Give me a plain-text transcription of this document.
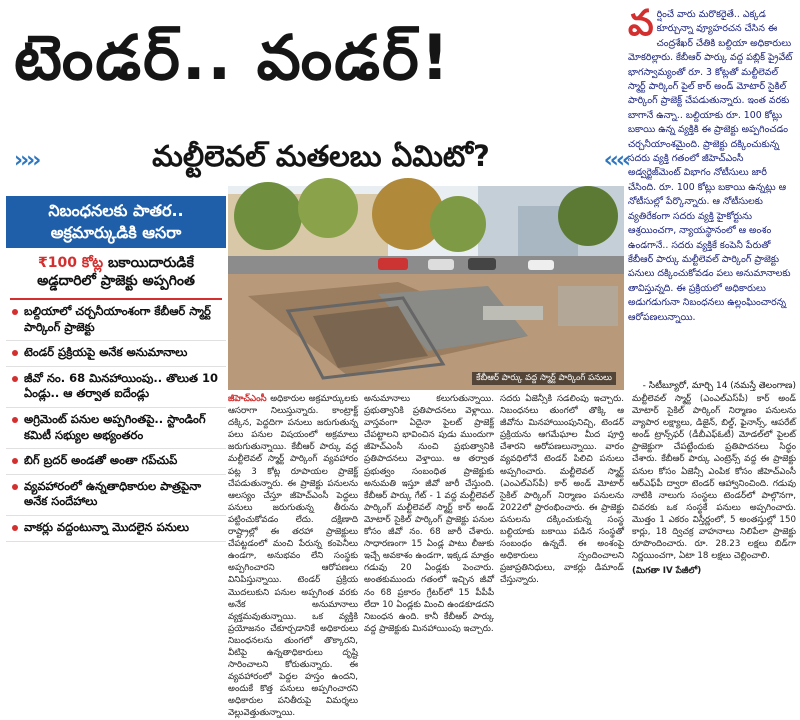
టెండర్.. వండర్!
››››	మల్టీలెవల్ మతలబు ఏమిటో?	‹‹‹‹
వ ర్షించే వారు మరొకరైతే.. ఎక్కడ కూర్చున్నా వ్యూహరచన చేసిన ఈ చంద్రశేఖర్ చేతికి బల్దియా అధికారులు మోకరిల్లారు. కేబీఆర్ పార్కు వద్ద పబ్లిక్ ప్రైవేట్ భాగస్వామ్యంతో రూ. 3 కోట్లతో మల్టీలెవల్ స్మార్ట్ పార్కింగ్ పైల్ కార్ అండ్ మోటార్ సైకిల్ పార్కింగ్ ప్రాజెక్ట్ చేపడుతున్నారు. ఇంత వరకు బాగానే ఉన్నా.. బల్దియాకు రూ. 100 కోట్లు బకాయి ఉన్న వ్యక్తికి ఈ ప్రాజెక్టు అప్పగించడం చర్చనీయాంశమైంది. ప్రాజెక్టు దక్కించుకున్న సదరు వ్యక్తి గతంలో జీహెచ్‌ఎంసీ అడ్వర్టైజ్‌మెంట్ విభాగం నోటీసులు జారీ చేసింది. రూ. 100 కోట్లు బకాయి ఉన్నట్లు ఆ నోటీసుల్లో పేర్కొన్నారు. ఆ నోటీసులకు వ్యతిరేకంగా సదరు వ్యక్తి హైకోర్టును ఆశ్రయించగా, న్యాయస్థానంలో ఆ అంశం ఉండగానే.. సదరు వ్యక్తికే కంపెనీ పేరుతో కేబీఆర్ పార్కు మల్టీలెవల్ పార్కింగ్ ప్రాజెక్టు పనులు దక్కించుకోవడం పలు అనుమానాలకు తావిస్తున్నది. ఈ ప్రక్రియలో అధికారులు అడుగడుగునా నిబంధనలు ఉల్లంఘించారన్న ఆరోపణలున్నాయి.
- సిటీబ్యూరో, మార్చి 14 (నమస్తే తెలంగాణ)
నిబంధనలకు పాతర.. అక్రమార్కుడికి ఆసరా
₹100 కోట్ల బకాయిదారుడికే అడ్డదారిలో ప్రాజెక్టు అప్పగింత
బల్దియాలో చర్చనీయాంశంగా కేబీఆర్ స్మార్ట్ పార్కింగ్ ప్రాజెక్టు
టెండర్ ప్రక్రియపై అనేక అనుమానాలు
జీవో నం. 68 మినహాయింపు.. తొలుత 10 ఏండ్లు.. ఆ తర్వాత ఐదేండ్లు
అగ్రిమెంట్ పనుల అప్పగింతపై.. స్టాండింగ్ కమిటీ సభ్యుల అభ్యంతరం
బిగ్ బ్రదర్ అండతో అంతా గప్‌చుప్
వ్యవహారంలో ఉన్నతాధికారుల పాత్రపైనా అనేక సందేహాలు
వాకర్లు వద్దంటున్నా మొదలైన పనులు
కేబీఆర్ పార్కు వద్ద స్మార్ట్ పార్కింగ్ పనులు

జీహెచ్‌ఎంసీ అధికారుల అక్రమార్కులకు ఆసరాగా నిలుస్తున్నారు. కాంట్రాక్ట్ దక్కిన, పెద్దదిగా పనులు జరుగుతున్న పలు పనుల విషయంలో అక్రమాలు జరుగుతున్నాయి. కేబీఆర్ పార్కు వద్ద మల్టీలెవల్ స్మార్ట్ పార్కింగ్ వ్యవహారం పట్ల 3 కోట్ల రూపాయల ప్రాజెక్ట్ చేపడుతున్నారు. ఈ ప్రాజెక్టు పనులను ఆలస్యం చేస్తూ జీహెచ్‌ఎంసీ పెద్దలు పనులు జరుగుతున్న తీరును పట్టించుకోవడం లేదు. దక్షిణాది రాష్ట్రాల్లో ఈ తరహా ప్రాజెక్టులు చేపట్టడంలో మంచి పేరున్న కంపెనీలు ఉండగా, అనుభవం లేని సంస్థకు అప్పగించారని ఆరోపణలు వినిపిస్తున్నాయి. టెండర్ ప్రక్రియ మొదలుకుని పనుల అప్పగింత వరకు అనేక అనుమానాలు వ్యక్తమవుతున్నాయి. ఒక వ్యక్తికి ప్రయోజనం చేకూర్చడానికే అధికారులు నిబంధనలను తుంగలో తొక్కారని, వీటిపై ఉన్నతాధికారులు దృష్టి సారించాలని కోరుతున్నారు. ఈ వ్యవహారంలో పెద్దల హస్తం ఉందని, అందుకే కొత్త పనులు అప్పగించారని అధికారుల పనితీరుపై విమర్శలు వెల్లువెత్తుతున్నాయి.

అనుమానాలు కలుగుతున్నాయి. ప్రభుత్వానికి ప్రతిపాదనలు వెళ్లాయి. వాస్తవంగా ఏదైనా పైలట్ ప్రాజెక్ట్ చేపట్టాలని భావించిన పుడు ముందుగా జీహెచ్‌ఎంసీ నుంచి ప్రభుత్వానికి ప్రతిపాదనలు వెళ్తాయి. ఆ తర్వాత ప్రభుత్వం సంబంధిత ప్రాజెక్టుకు అనుమతి ఇస్తూ జీవో జారీ చేస్తుంది. కేబీఆర్ పార్కు గేట్ - 1 వద్ద మల్టీలెవల్ పార్కింగ్ మల్టీలెవల్ స్మార్ట్ కార్ అండ్ మోటార్ సైకిల్ పార్కింగ్ ప్రాజెక్టు పనుల కోసం జీవో నం. 68 జారీ చేశారు. సాధారణంగా 15 ఏండ్ల పాటు లీజుకు ఇచ్చే అవకాశం ఉండగా, ఇక్కడ మాత్రం గడువు 20 ఏండ్లకు పెంచారు. అంతకుముందు గతంలో ఇచ్చిన జీవో నం 68 ప్రకారం గ్రేటర్‌లో 15 పీపీపీ లేదా 10 ఏండ్లకు మించి ఉండకూడదని నిబంధన ఉంది. కానీ కేబీఆర్ పార్కు వద్ద ప్రాజెక్టుకు మినహాయింపు ఇచ్చారు.

సదరు ఏజెన్సీకి సడలింపు ఇచ్చారు. నిబంధనలు తుంగలో తొక్కి ఆ జీవోను మినహాయింపునిచ్చి, టెండర్ ప్రక్రియను ఆగమేఘాల మీద పూర్తి చేశారని ఆరోపణలున్నాయి. వారం వ్యవధిలోనే టెండర్ పిలిచి పనులు అప్పగించారు. మల్టీలెవల్ స్మార్ట్ (ఎంఎల్‌ఎస్‌పీ) కార్ అండ్ మోటార్ సైకిల్ పార్కింగ్ నిర్మాణం పనులను 2022లో ప్రారంభించారు. ఈ ప్రాజెక్టు పనులను దక్కించుకున్న సంస్థ బల్దియాకు బకాయి పడిన సంస్థతో సంబంధం ఉన్నదే. ఈ అంశంపై అధికారులు స్పందించాలని ప్రజాప్రతినిధులు, వాకర్లు డిమాండ్ చేస్తున్నారు.

మల్టీలెవల్ స్మార్ట్ (ఎంఎల్‌ఎస్‌పీ) కార్ అండ్ మోటార్ సైకిల్ పార్కింగ్ నిర్మాణం పనులను వ్యాపార లక్ష్యాలు, డిజైన్, బిల్డ్, ఫైనాన్స్, ఆపరేట్ అండ్ ట్రాన్స్‌ఫర్ (డీబీఎఫ్‌ఓటీ) మోడల్‌లో పైలట్ ప్రాజెక్టుగా చేపట్టేందుకు ప్రతిపాదనలు సిద్ధం చేశారు. కేబీఆర్ పార్కు ఎంట్రెన్స్ వద్ద ఈ ప్రాజెక్టు పనుల కోసం ఏజెన్సీ ఎంపిక కోసం జీహెచ్‌ఎంసీ ఆర్‌ఎఫ్‌పీ ద్వారా టెండర్ ఆహ్వానించింది. గడువు నాటికి నాలుగు సంస్థలు టెండర్‌లో పాల్గొనగా, చివరకు ఒక సంస్థకే పనులు అప్పగించారు. మొత్తం 1 ఎకరం విస్తీర్ణంలో, 5 అంతస్తుల్లో 150 కార్లు, 18 ద్విచక్ర వాహనాలు నిలిపేలా ప్రాజెక్టు రూపొందించారు. రూ. 28.23 లక్షలు బిడ్‌గా నిర్ణయించగా, ఏటా 18 లక్షలు చెల్లించాలి.

(మిగతా IV పేజీలో)
